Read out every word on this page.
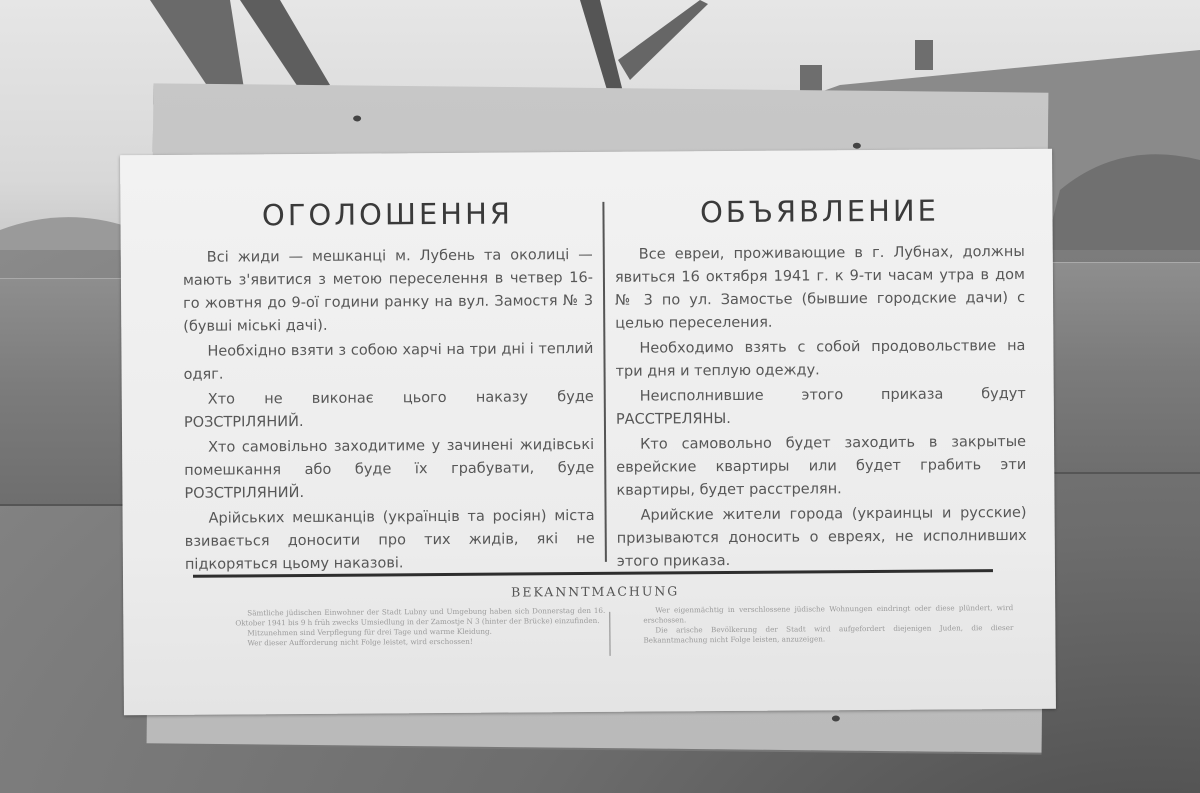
ОГОЛОШЕННЯ

Всі жиди — мешканці м. Лубень та околиці — мають з'явитися з метою переселення в четвер 16-го жовтня до 9-ої години ранку на вул. Замостя № 3 (бувші міські дачі).

Необхідно взяти з собою харчі на три дні і теплий одяг.

Хто не виконає цього наказу буде РОЗСТРІЛЯНИЙ.

Хто самовільно заходитиме у зачинені жидівські помешкання або буде їх грабувати, буде РОЗСТРІЛЯНИЙ.

Арійських мешканців (українців та росіян) міста взивається доносити про тих жидів, які не підкоряться цьому наказові.

ОБЪЯВЛЕНИЕ

Все евреи, проживающие в г. Лубнах, должны явиться 16 октября 1941 г. к 9-ти часам утра в дом № 3 по ул. Замостье (бывшие городские дачи) с целью переселения.

Необходимо взять с собой продовольствие на три дня и теплую одежду.

Неисполнившие этого приказа будут РАССТРЕЛЯНЫ.

Кто самовольно будет заходить в закрытые еврейские квартиры или будет грабить эти квартиры, будет расстрелян.

Арийские жители города (украинцы и русские) призываются доносить о евреях, не исполнивших этого приказа.

BEKANNTMACHUNG

Sämtliche jüdischen Einwohner der Stadt Lubny und Umgebung haben sich Donnerstag den 16. Oktober 1941 bis 9 h früh zwecks Umsiedlung in der Zamostje N 3 (hinter der Brücke) einzufinden.

Mitzunehmen sind Verpflegung für drei Tage und warme Kleidung.

Wer dieser Aufforderung nicht Folge leistet, wird erschossen!

Wer eigenmächtig in verschlossene jüdische Wohnungen eindringt oder diese plündert, wird erschossen.

Die arische Bevölkerung der Stadt wird aufgefordert diejenigen Juden, die dieser Bekanntmachung nicht Folge leisten, anzuzeigen.
